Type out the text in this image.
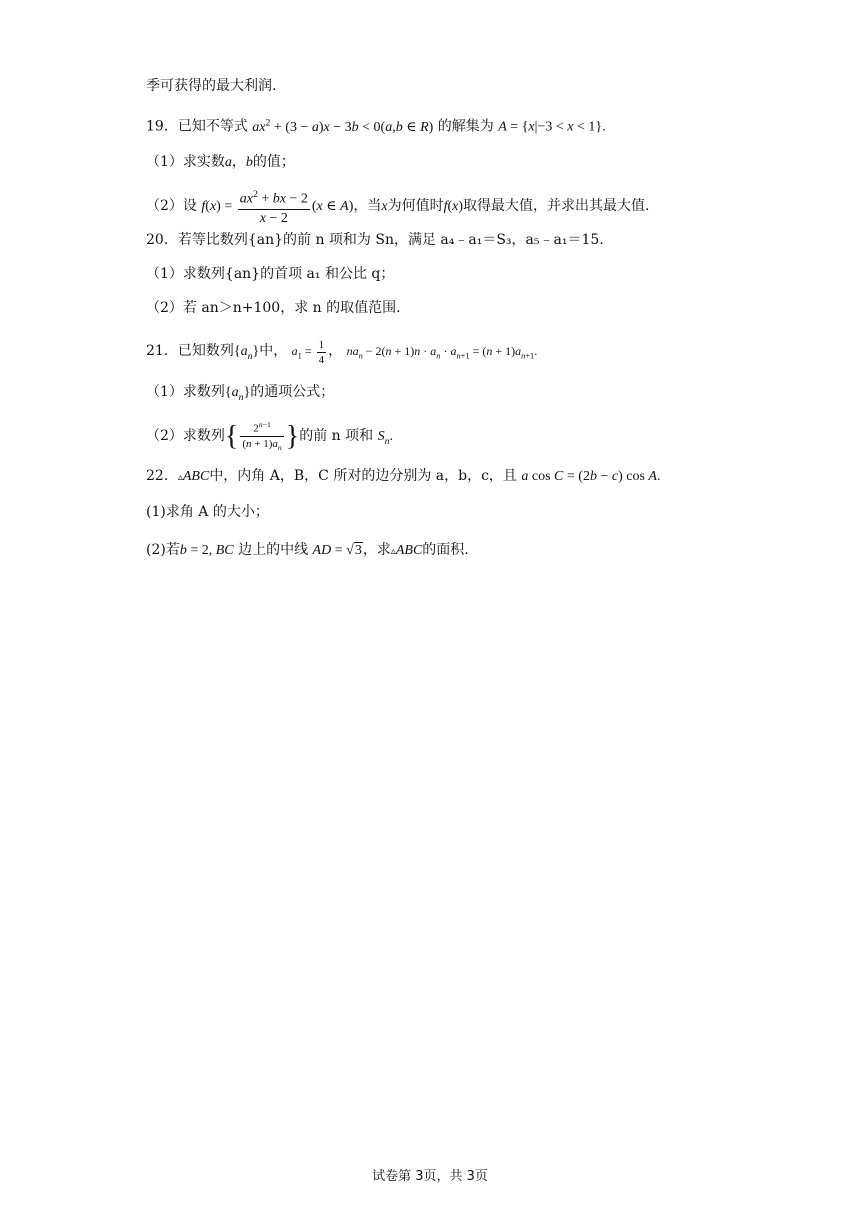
季可获得的最大利润.
19．已知不等式 $ax^2 + (3 - a)x - 3b < 0(a,b$ ∈ R) 的解集为 A = {x|−3 < x < 1}.
（1）求实数a，b的值；
（2）设 $f(x) = \frac{ax^2 + bx - 2}{x - 2} (x$ ∈ A)，当x为何值时f(x)取得最大值，并求出其最大值.
20．若等比数列{an}的前 n 项和为 Sn，满足 a₄﹣a₁＝S₃，a₅﹣a₁＝15.
（1）求数列{an}的首项 a₁ 和公比 q；
（2）若 an＞n+100，求 n 的取值范围.
21．已知数列$\{a_n\}$中， $a_1 = \frac{1}{4}$ ， $na_n - 2(n + 1)n \cdot a_n \cdot a_{n+1} = (n + 1)a_{n+1}$.
（1）求数列$\{a_n\}$的通项公式；
（2）求数列{ $\frac{2^{n-1}}{(n + 1)a_n}$ }的前 n 项和 $S_n$.
22．▵ABC中，内角 A，B，C 所对的边分别为 a，b，c，且 a cos C = (2b − c) cos A.
(1)求角 A 的大小；
(2)若b = 2, BC 边上的中线 AD = √3，求▵ABC的面积.
试卷第 3页，共 3页
